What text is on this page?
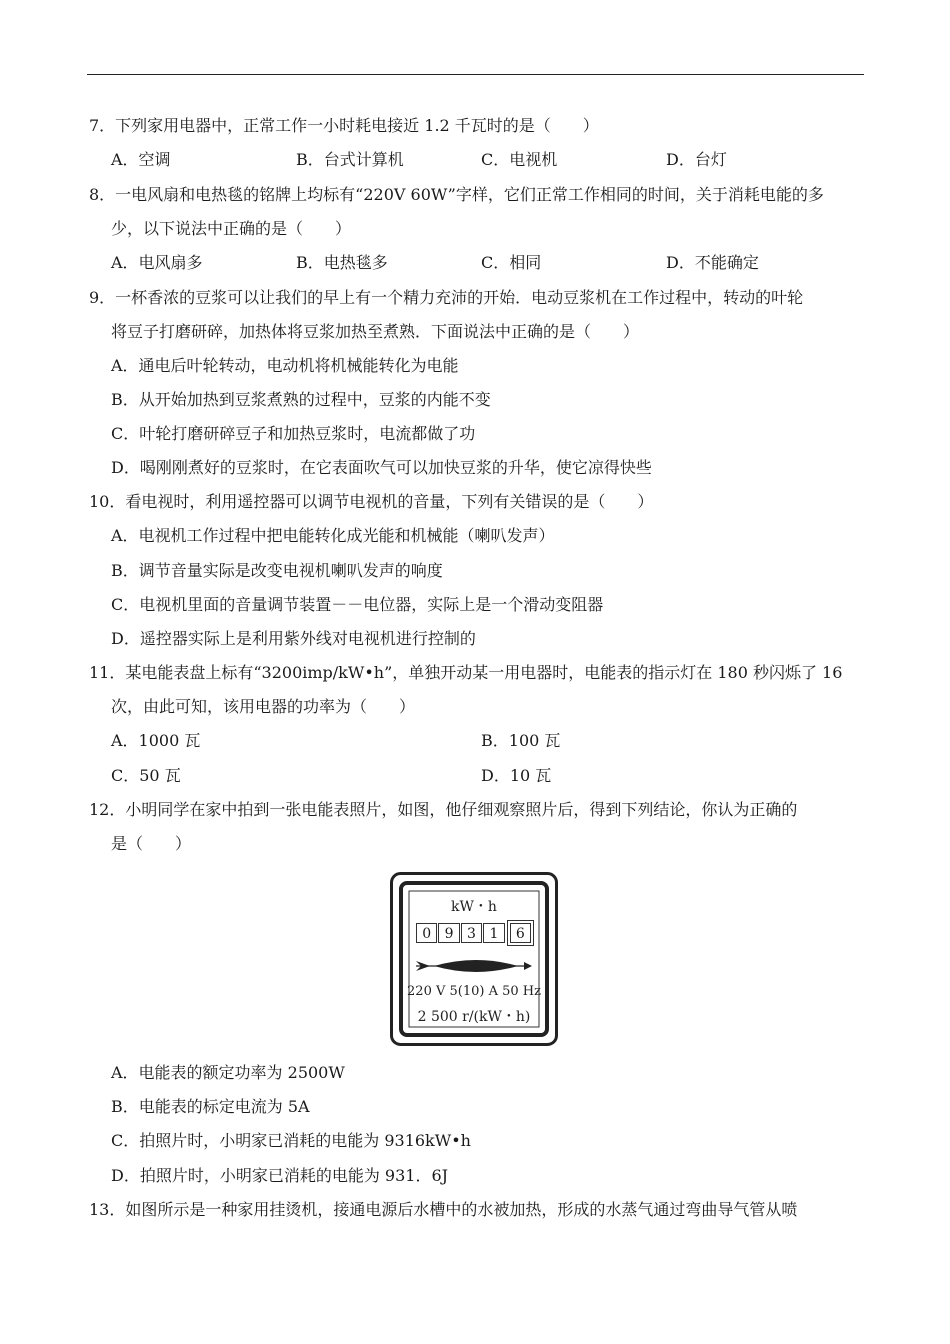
7．下列家用电器中，正常工作一小时耗电接近 1.2 千瓦时的是（　　）
A．空调	B．台式计算机	C．电视机	D．台灯
8．一电风扇和电热毯的铭牌上均标有“220V 60W”字样，它们正常工作相同的时间，关于消耗电能的多
少，以下说法中正确的是（　　）
A．电风扇多	B．电热毯多	C．相同	D．不能确定
9．一杯香浓的豆浆可以让我们的早上有一个精力充沛的开始．电动豆浆机在工作过程中，转动的叶轮
将豆子打磨研碎，加热体将豆浆加热至煮熟．下面说法中正确的是（　　）
A．通电后叶轮转动，电动机将机械能转化为电能
B．从开始加热到豆浆煮熟的过程中，豆浆的内能不变
C．叶轮打磨研碎豆子和加热豆浆时，电流都做了功
D．喝刚刚煮好的豆浆时，在它表面吹气可以加快豆浆的升华，使它凉得快些
10．看电视时，利用遥控器可以调节电视机的音量，下列有关错误的是（　　）
A．电视机工作过程中把电能转化成光能和机械能（喇叭发声）
B．调节音量实际是改变电视机喇叭发声的响度
C．电视机里面的音量调节装置－－电位器，实际上是一个滑动变阻器
D．遥控器实际上是利用紫外线对电视机进行控制的
11．某电能表盘上标有“3200imp/kW•h”，单独开动某一用电器时，电能表的指示灯在 180 秒闪烁了 16
次，由此可知，该用电器的功率为（　　）
A．1000 瓦	B．100 瓦
C．50 瓦	D．10 瓦
12．小明同学在家中拍到一张电能表照片，如图，他仔细观察照片后，得到下列结论，你认为正确的
是（　　）
kW・h
0 9 3 1	6
220 V 5(10) A 50 Hz
2 500 r/(kW・h)
A．电能表的额定功率为 2500W
B．电能表的标定电流为 5A
C．拍照片时，小明家已消耗的电能为 9316kW•h
D．拍照片时，小明家已消耗的电能为 931．6J
13．如图所示是一种家用挂烫机，接通电源后水槽中的水被加热，形成的水蒸气通过弯曲导气管从喷
